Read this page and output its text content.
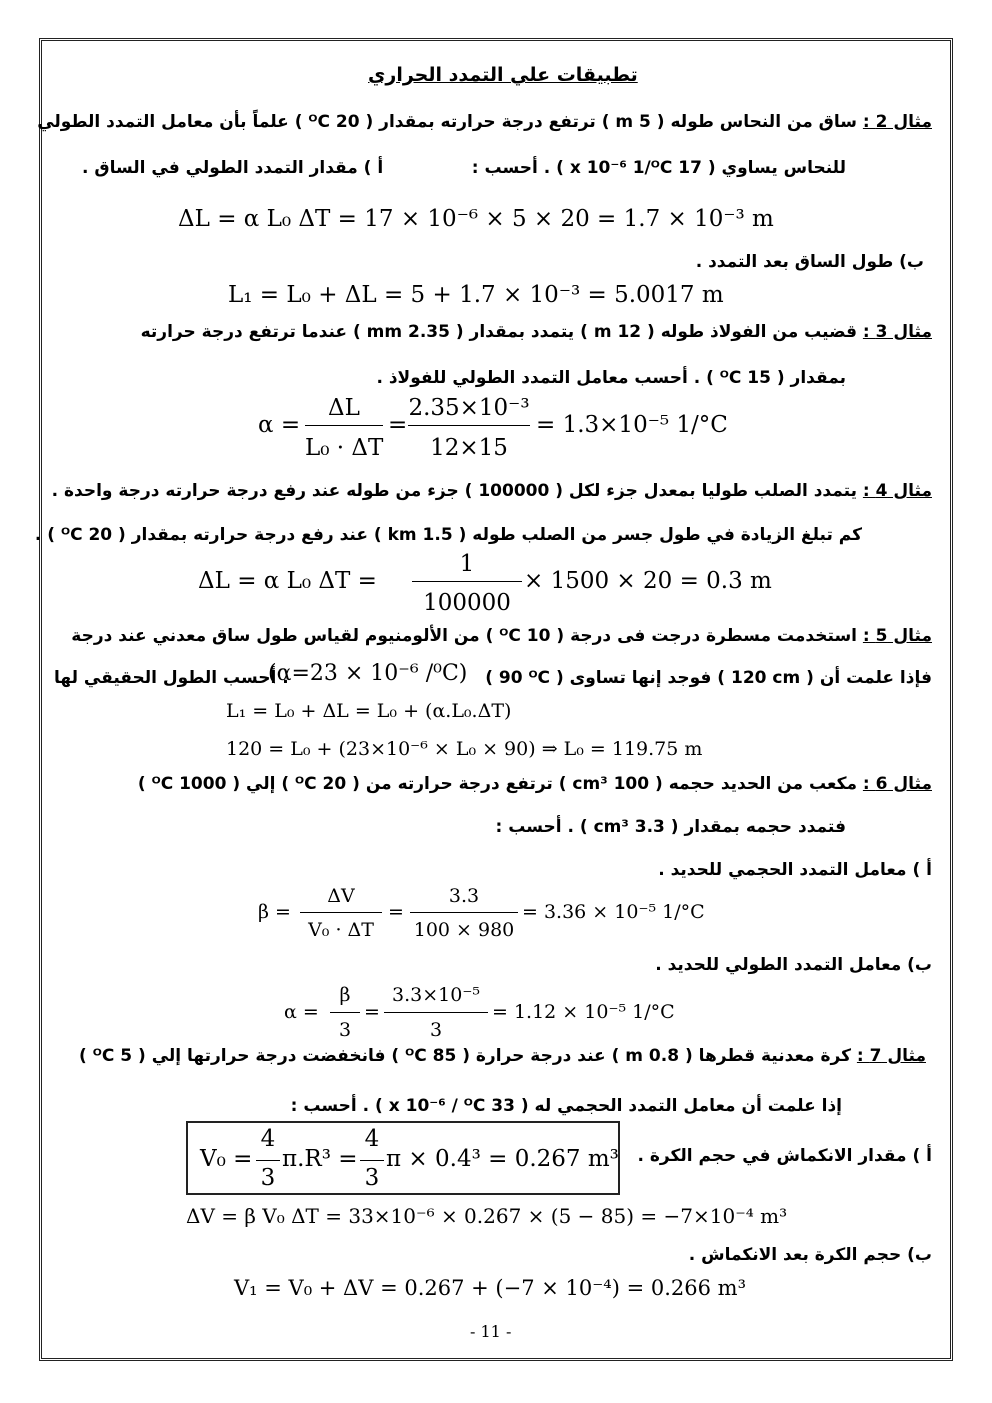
تطبيقات علي التمدد الحراري
مثال 2 : ساق من النحاس طوله ( 5 m ) ترتفع درجة حرارته بمقدار ( 20 ᴼC ) علماً بأن معامل التمدد الطولي
للنحاس يساوي ( 17 x 10⁻⁶ 1/ᴼC ) . أحسب :
أ ) مقدار التمدد الطولي في الساق .
ΔL = α L₀ ΔT = 17 × 10⁻⁶ × 5 × 20 = 1.7 × 10⁻³ m
ب) طول الساق بعد التمدد .
L₁ = L₀ + ΔL = 5 + 1.7 × 10⁻³ = 5.0017 m
مثال 3 : قضيب من الفولاذ طوله ( 12 m ) يتمدد بمقدار ( 2.35 mm ) عندما ترتفع درجة حرارته
بمقدار ( 15 ᴼC ) . أحسب معامل التمدد الطولي للفولاذ .
α =
ΔL
L₀ · ΔT
=
2.35×10⁻³
12×15
= 1.3×10⁻⁵ 1/°C
مثال 4 : يتمدد الصلب طوليا بمعدل جزء لكل ( 100000 ) جزء من طوله عند رفع درجة حرارته درجة واحدة .
كم تبلغ الزيادة في طول جسر من الصلب طوله ( 1.5 km ) عند رفع درجة حرارته بمقدار ( 20 ᴼC ) .
ΔL = α L₀ ΔT =
1
100000
× 1500 × 20 = 0.3 m
مثال 5 : استخدمت مسطرة درجت فى درجة ( 10 ᴼC ) من الألومنيوم لقياس طول ساق معدني عند درجة
( 90 ᴼC ) فوجد إنها تساوى ( 120 cm ) فإذا علمت أن
(α=23 × 10⁻⁶ /⁰C)
. أحسب الطول الحقيقي لها
L₁ = L₀ + ΔL = L₀ + (α.L₀.ΔT)
120 = L₀ + (23×10⁻⁶ × L₀ × 90) ⇒ L₀ = 119.75 m
مثال 6 : مكعب من الحديد حجمه ( 100 cm³ ) ترتفع درجة حرارته من ( 20 ᴼC ) إلي ( 1000 ᴼC )
فتمدد حجمه بمقدار ( 3.3 cm³ ) . أحسب :
أ ) معامل التمدد الحجمي للحديد .
β =
ΔV
V₀ · ΔT
=
3.3
100 × 980
= 3.36 × 10⁻⁵ 1/°C
ب) معامل التمدد الطولي للحديد .
α =
β
3
=
3.3×10⁻⁵
3
= 1.12 × 10⁻⁵ 1/°C
مثال 7 : كرة معدنية قطرها ( 0.8 m ) عند درجة حرارة ( 85 ᴼC ) فانخفضت درجة حرارتها إلي ( 5 ᴼC )
إذا علمت أن معامل التمدد الحجمي له ( 33 x 10⁻⁶ / ᴼC ) . أحسب :
أ ) مقدار الانكماش في حجم الكرة .
V₀ =
4
3
π.R³ =
4
3
π × 0.4³ = 0.267 m³
ΔV = β V₀ ΔT = 33×10⁻⁶ × 0.267 × (5 − 85) = −7×10⁻⁴ m³
ب) حجم الكرة بعد الانكماش .
V₁ = V₀ + ΔV = 0.267 + (−7 × 10⁻⁴) = 0.266 m³
- 11 -
